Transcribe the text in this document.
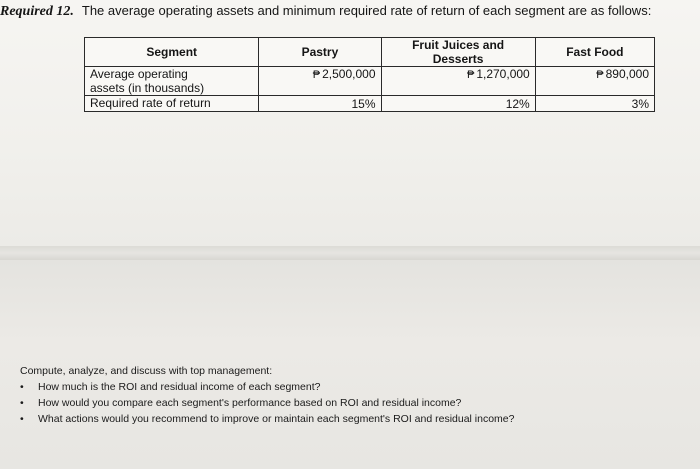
Required 12. The average operating assets and minimum required rate of return of each segment are as follows:
Segment	Pastry	Fruit Juices and Desserts	Fast Food

Average operating
assets (in thousands)	₱ 2,500,000	₱ 1,270,000	₱ 890,000
Required rate of return	15%	12%	3%
Compute, analyze, and discuss with top management:
•	How much is the ROI and residual income of each segment?
•	How would you compare each segment's performance based on ROI and residual income?
•	What actions would you recommend to improve or maintain each segment's ROI and residual income?
